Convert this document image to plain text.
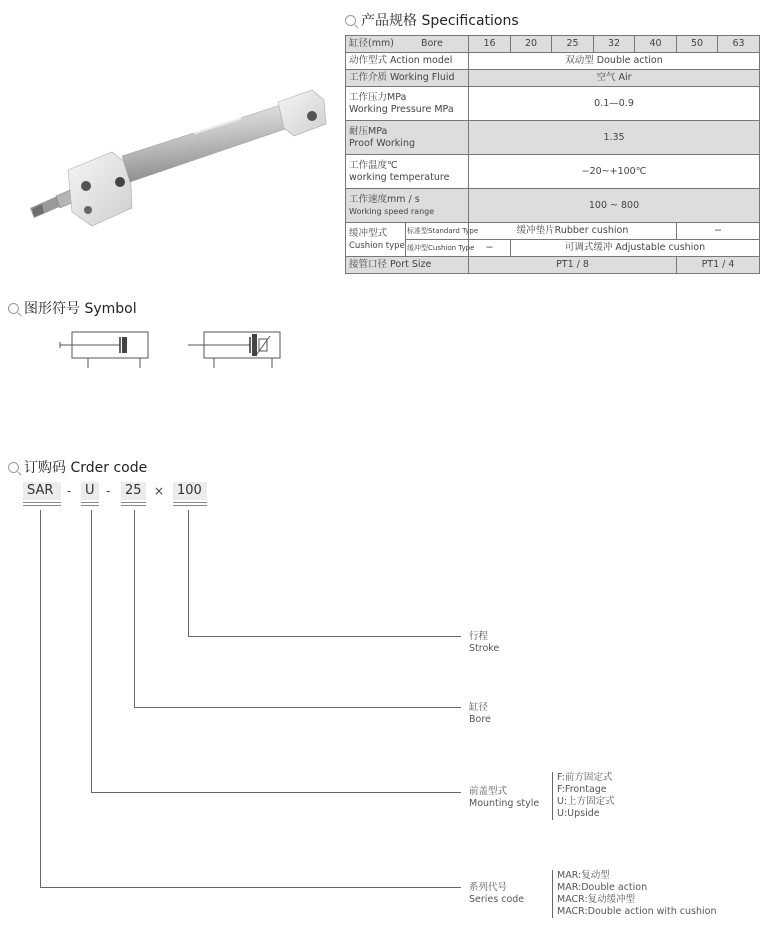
产品规格 Specifications
缸径(mm) Bore		16	20	25	32	40	50	63
动作型式 Action model		双动型 Double action						
工作介质 Working Fluid		空气 Air						

工作压力MPa
Working Pressure MPa		0.1—0.9						

耐压MPa
Proof Working		1.35						

工作温度℃
working temperature		−20~+100℃						

工作速度mm / s
Working speed range		100 ~ 800						

缓冲型式
Cushion type	标准型Standard Type	缓冲垫片Rubber cushion					−	
	缓冲型Cushion Type	−	可调式缓冲 Adjustable cushion					
接管口径 Port Size		PT1 / 8					PT1 / 4	
图形符号 Symbol
订购码 Crder code
SAR	-	U -	25	× 100
行程
Stroke
缸径
Bore
前盖型式
Mounting style
F:前方固定式
F:Frontage
U:上方固定式
U:Upside
系列代号
Series code
MAR:复动型
MAR:Double action
MACR:复动缓冲型
MACR:Double action with cushion
